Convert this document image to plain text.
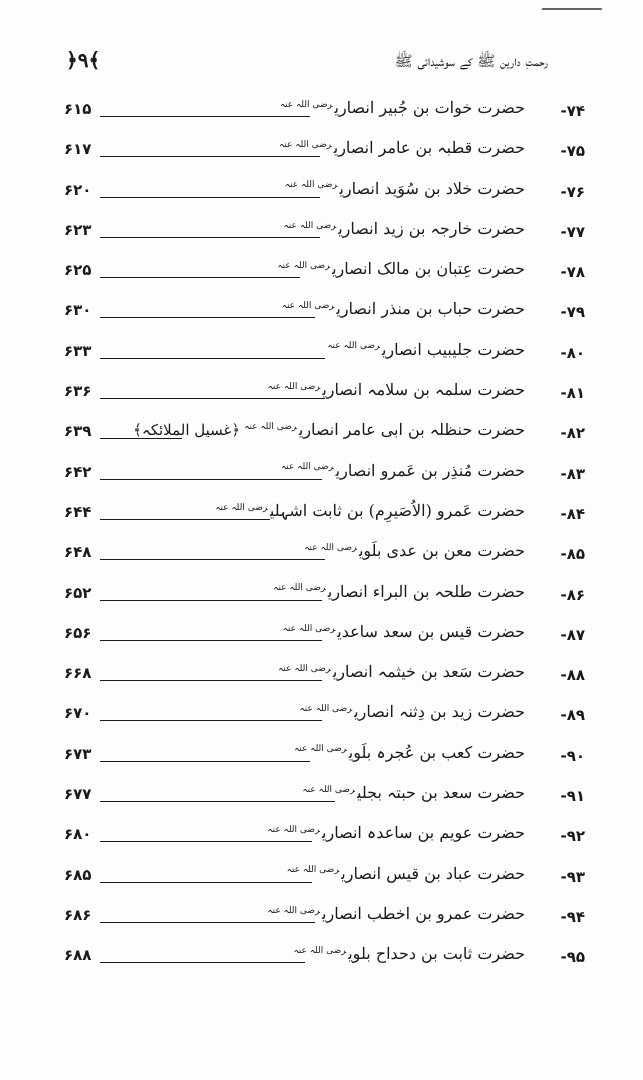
﴿۹﴾	رحمتِ دارین ﷺ کے سوشیدائی ﷺ
۷۴-
حضرت خوات بن جُبیر انصاری$^{رضی اللہ عنہ}$
۶۱۵
۷۵-
حضرت قطبہ بن عامر انصاری$^{رضی اللہ عنہ}$
۶۱۷
۷۶-
حضرت خلاد بن سُوَید انصاری$^{رضی اللہ عنہ}$
۶۲۰
۷۷-
حضرت خارجہ بن زید انصاری$^{رضی اللہ عنہ}$
۶۲۳
۷۸-
حضرت عِتبان بن مالک انصاری$^{رضی اللہ عنہ}$
۶۲۵
۷۹-
حضرت حباب بن منذر انصاری$^{رضی اللہ عنہ}$
۶۳۰
۸۰-
حضرت جلیبیب انصاری$^{رضی اللہ عنہ}$
۶۳۳
۸۱-
حضرت سلمہ بن سلامہ انصاری$^{رضی اللہ عنہ}$
۶۳۶
۸۲-
حضرت حنظلہ بن ابی عامر انصاری$^{رضی اللہ عنہ}$﴿غسیل الملائکہ﴾
۶۳۹
۸۳-
حضرت مُنذِر بن عَمرو انصاری$^{رضی اللہ عنہ}$
۶۴۲
۸۴-
حضرت عَمرو (الاُصَیرِم) بن ثابت اشہلی$^{رضی اللہ عنہ}$
۶۴۴
۸۵-
حضرت معن بن عدی بلَوی$^{رضی اللہ عنہ}$
۶۴۸
۸۶-
حضرت طلحہ بن البراء انصاری$^{رضی اللہ عنہ}$
۶۵۲
۸۷-
حضرت قیس بن سعد ساعدی$^{رضی اللہ عنہ}$
۶۵۶
۸۸-
حضرت سَعد بن خیثمہ انصاری$^{رضی اللہ عنہ}$
۶۶۸
۸۹-
حضرت زید بن دِثنہ انصاری$^{رضی اللہ عنہ}$
۶۷۰
۹۰-
حضرت کعب بن عُجرہ بلَوی$^{رضی اللہ عنہ}$
۶۷۳
۹۱-
حضرت سعد بن حبتہ بجلی$^{رضی اللہ عنہ}$
۶۷۷
۹۲-
حضرت عویم بن ساعدہ انصاری$^{رضی اللہ عنہ}$
۶۸۰
۹۳-
حضرت عباد بن قیس انصاری$^{رضی اللہ عنہ}$
۶۸۵
۹۴-
حضرت عمرو بن اخطب انصاری$^{رضی اللہ عنہ}$
۶۸۶
۹۵-
حضرت ثابت بن دحداح بلوی$^{رضی اللہ عنہ}$
۶۸۸
